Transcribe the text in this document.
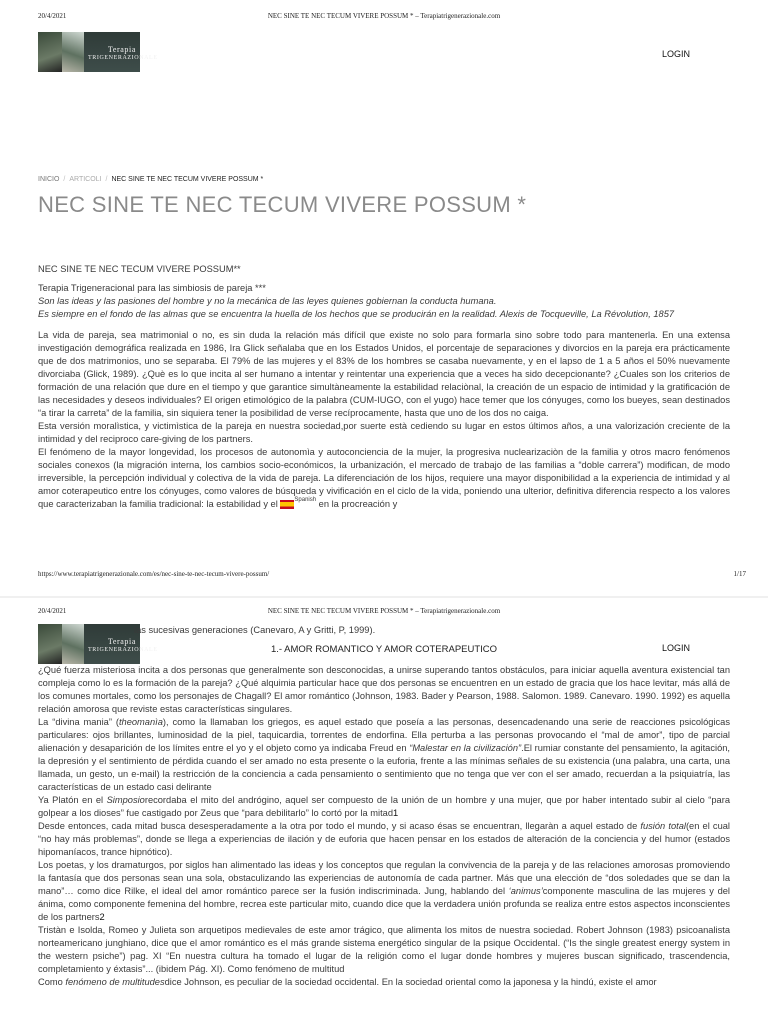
20/4/2021	NEC SINE TE NEC TECUM VIVERE POSSUM * – Terapiatrigenerazionale.com
Terapia
TRIGENERAZIONALE	LOGIN
INICIO / ARTICOLI / NEC SINE TE NEC TECUM VIVERE POSSUM *
NEC SINE TE NEC TECUM VIVERE POSSUM *

NEC SINE TE NEC TECUM VIVERE POSSUM**

Terapia Trigeneracional para las simbiosis de pareja ***

Son las ideas y las pasiones del hombre y no la mecánica de las leyes quienes gobiernan la conducta humana.

Es siempre en el fondo de las almas que se encuentra la huella de los hechos que se producirán en la realidad. Alexis de Tocqueville, La Révolution, 1857

La vida de pareja, sea matrimonial o no, es sin duda la relación más difícil que existe no solo para formarla sino sobre todo para mantenerla. En una extensa investigación demográfica realizada en 1986, Ira Glick señalaba que en los Estados Unidos, el porcentaje de separaciones y divorcios en la pareja era prácticamente que de dos matrimonios, uno se separaba. El 79% de las mujeres y el 83% de los hombres se casaba nuevamente, y en el lapso de 1 a 5 años el 50% nuevamente divorciaba (Glick, 1989). ¿Què es lo que incita al ser humano a intentar y reintentar una experiencia que a veces ha sido decepcionante? ¿Cuales son los criterios de formación de una relación que dure en el tiempo y que garantice simultàneamente la estabilidad relaciònal, la creación de un espacio de intimidad y la gratificación de las necesidades y deseos individuales? El origen etimológico de la palabra (CUM-IUGO, con el yugo) hace temer que los cónyuges, como los bueyes, sean destinados “a tirar la carreta” de la familia, sin siquiera tener la posibilidad de verse recíprocamente, hasta que uno de los dos no caiga.

Esta versión moralìstica, y victimìstica de la pareja en nuestra sociedad,por suerte està cediendo su lugar en estos últimos años, a una valorización creciente de la intimidad y del reciproco care-giving de los partners.

El fenómeno de la mayor longevidad, los procesos de autonomìa y autoconciencia de la mujer, la progresiva nuclearizaciòn de la familia y otros macro fenómenos sociales conexos (la migración interna, los cambios socio-económicos, la urbanización, el mercado de trabajo de las familias a “doble carrera”) modifican, de modo irreversible, la percepción individual y colectiva de la vida de pareja. La diferenciación de los hijos, requiere una mayor disponibilidad a la experiencia de intimidad y al amor coterapeutico entre los cónyuges, como valores de búsqueda y vivificación en el ciclo de la vida, poniendo una ulterior, definitiva diferencia respecto a los valores que caracterizaban la familia tradicional: la estabilidad y el	$^{Spanish}$ en la procreación y

https://www.terapiatrigenerazionale.com/es/nec-sine-te-nec-tecum-vivere-possum/	1/17
20/4/2021	NEC SINE TE NEC TECUM VIVERE POSSUM * – Terapiatrigenerazionale.com
Terapia
TRIGENERAZIONALE
las sucesivas generaciones (Canevaro, A y Gritti, P, 1999).
LOGIN
1.- AMOR ROMANTICO Y AMOR COTERAPEUTICO

¿Qué fuerza misteriosa incita a dos personas que generalmente son desconocidas, a unirse superando tantos obstáculos, para iniciar aquella aventura existencial tan compleja como lo es la formación de la pareja? ¿Qué alquimia particular hace que dos personas se encuentren en un estado de gracia que los hace levitar, más allá de los comunes mortales, como los personajes de Chagall? El amor romántico (Johnson, 1983. Bader y Pearson, 1988. Salomon. 1989. Canevaro. 1990. 1992) es aquella relación amorosa que reviste estas características singulares.

La “divina mania” (theomanìa), como la llamaban los griegos, es aquel estado que poseía a las personas, desencadenando una serie de reacciones psicológicas particulares: ojos brillantes, luminosidad de la piel, taquicardia, torrentes de endorfina. Ella perturba a las personas provocando el “mal de amor”, tipo de parcial alienación y desaparición de los límites entre el yo y el objeto como ya indicaba Freud en “Malestar en la civilización”.El rumiar constante del pensamiento, la agitación, la depresión y el sentimiento de pérdida cuando el ser amado no esta presente o la euforia, frente a las mínimas señales de su existencia (una palabra, una carta, una llamada, un gesto, un e-mail) la restricción de la conciencia a cada pensamiento o sentimiento que no tenga que ver con el ser amado, recuerdan a la psiquiatría, las características de un estado casi delirante

Ya Platón en el Simposiorecordaba el mito del andrógino, aquel ser compuesto de la unión de un hombre y una mujer, que por haber intentado subir al cielo “para golpear a los dioses” fue castigado por Zeus que “para debilitarlo” lo cortó por la mitad1

Desde entonces, cada mitad busca desesperadamente a la otra por todo el mundo, y si acaso ésas se encuentran, llegaràn a aquel estado de fusión total(en el cual “no hay más problemas”, donde se llega a experiencias de ilación y de euforia que hacen pensar en los estados de alteración de la conciencia y del humor (estados hipomaníacos, trance hipnótico).

Los poetas, y los dramaturgos, por siglos han alimentado las ideas y los conceptos que regulan la convivencia de la pareja y de las relaciones amorosas promoviendo la fantasía que dos personas sean una sola, obstaculizando las experiencias de autonomía de cada partner. Más que una elección de “dos soledades que se dan la mano”… como dice Rilke, el ideal del amor romántico parece ser la fusión indiscriminada. Jung, hablando del ‘animus’componente masculina de las mujeres y del ánima, como componente femenina del hombre, recrea este particular mito, cuando dice que la verdadera unión profunda se realiza entre estos aspectos inconscientes de los partners2

Tristàn e Isolda, Romeo y Julieta son arquetipos medievales de este amor trágico, que alimenta los mitos de nuestra sociedad. Robert Johnson (1983) psicoanalista norteamericano junghiano, dice que el amor romántico es el más grande sistema energético singular de la psique Occidental. (“Is the single greatest energy system in the western psiche”) pag. XI “En nuestra cultura ha tomado el lugar de la religión como el lugar donde hombres y mujeres buscan significado, trascendencia, completamiento y éxtasis”... (ibidem Pág. XI). Como fenómeno de multitud

Como fenómeno de multitudesdice Johnson, es peculiar de la sociedad occidental. En la sociedad oriental como la japonesa y la hindú, existe el amor
